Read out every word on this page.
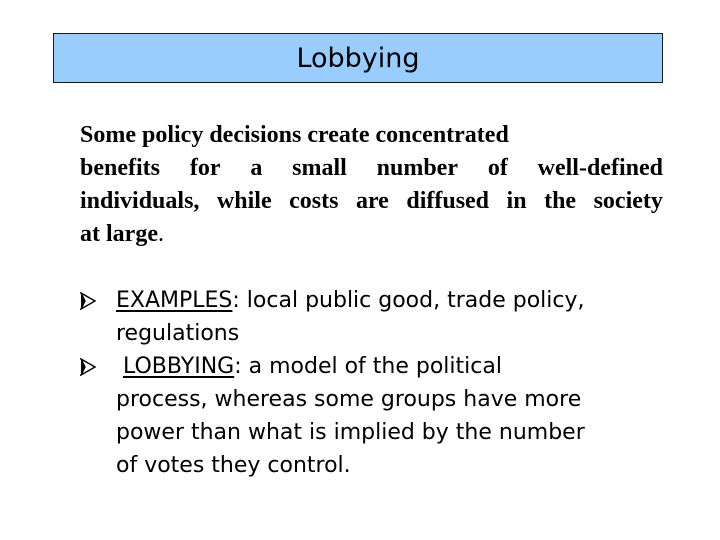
Lobbying
Some policy decisions create concentrated
benefits for a small number of well-defined
individuals, while costs are diffused in the society
at large.
EXAMPLES: local public good, trade policy,
regulations
LOBBYING: a model of the political
process, whereas some groups have more
power than what is implied by the number
of votes they control.
